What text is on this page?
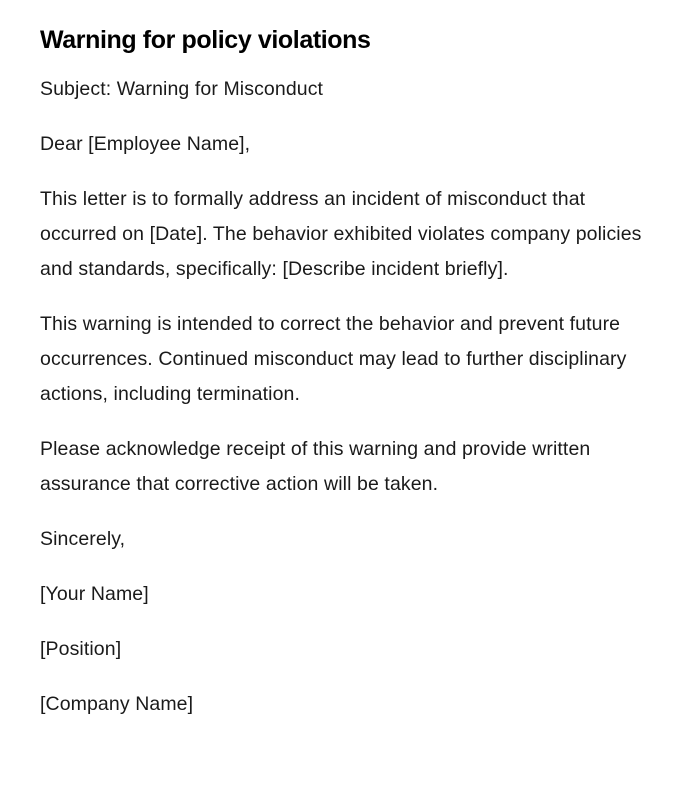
Warning for policy violations

Subject: Warning for Misconduct

Dear [Employee Name],

This letter is to formally address an incident of misconduct that occurred on [Date]. The behavior exhibited violates company policies and standards, specifically: [Describe incident briefly].

This warning is intended to correct the behavior and prevent future occurrences. Continued misconduct may lead to further disciplinary actions, including termination.

Please acknowledge receipt of this warning and provide written assurance that corrective action will be taken.

Sincerely,

[Your Name]

[Position]

[Company Name]
